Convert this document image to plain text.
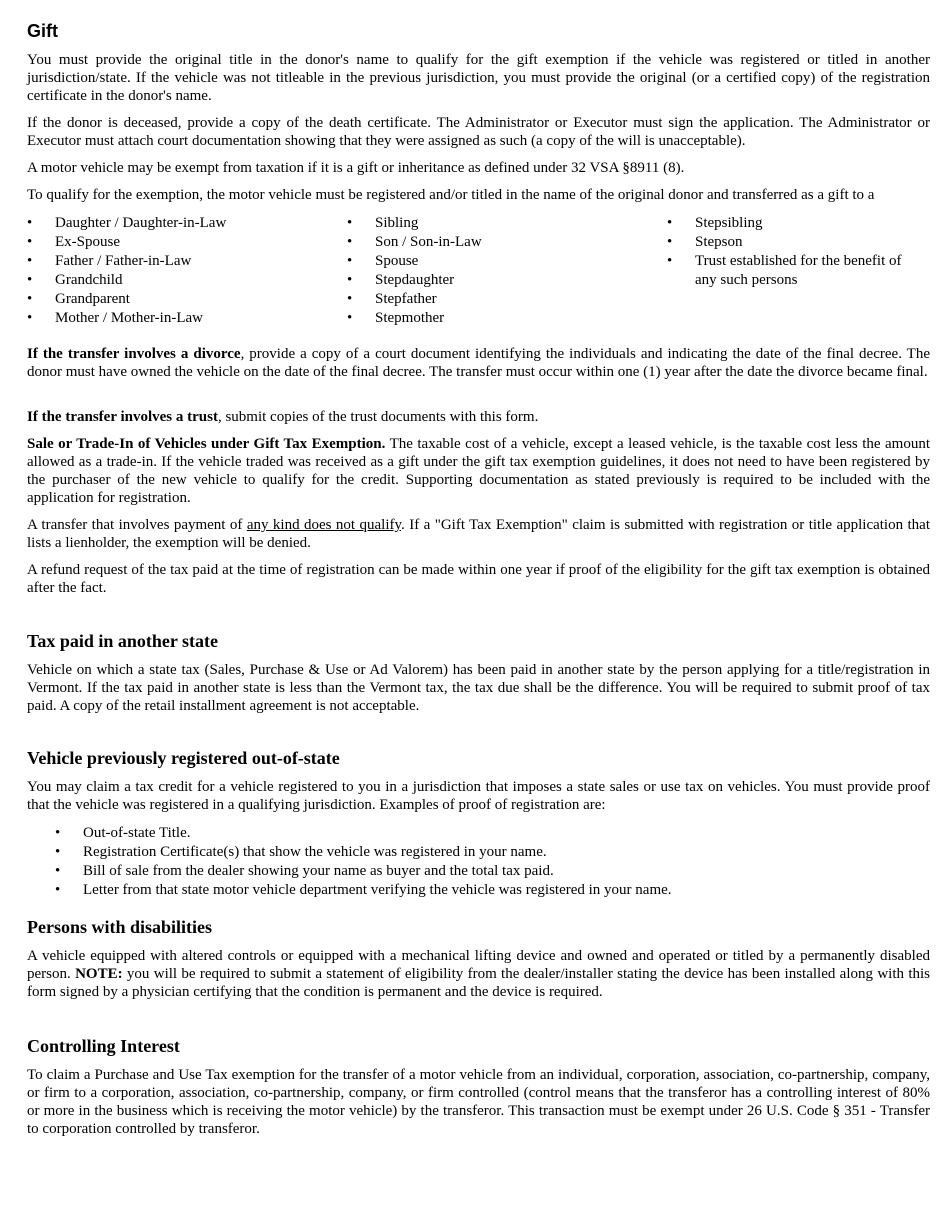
Gift

You must provide the original title in the donor's name to qualify for the gift exemption if the vehicle was registered or titled in another jurisdiction/state. If the vehicle was not titleable in the previous jurisdiction, you must provide the original (or a certified copy) of the registration certificate in the donor's name.

If the donor is deceased, provide a copy of the death certificate. The Administrator or Executor must sign the application. The Administrator or Executor must attach court documentation showing that they were assigned as such (a copy of the will is unacceptable).

A motor vehicle may be exempt from taxation if it is a gift or inheritance as defined under 32 VSA §8911 (8).

To qualify for the exemption, the motor vehicle must be registered and/or titled in the name of the original donor and transferred as a gift to a

• Daughter / Daughter-in-Law
• Ex-Spouse
• Father / Father-in-Law
• Grandchild
• Grandparent
• Mother / Mother-in-Law
• Sibling
• Son / Son-in-Law
• Spouse
• Stepdaughter
• Stepfather
• Stepmother
• Stepsibling
• Stepson
• Trust established for the benefit of any such persons

If the transfer involves a divorce, provide a copy of a court document identifying the individuals and indicating the date of the final decree. The donor must have owned the vehicle on the date of the final decree. The transfer must occur within one (1) year after the date the divorce became final.

If the transfer involves a trust, submit copies of the trust documents with this form.

Sale or Trade-In of Vehicles under Gift Tax Exemption. The taxable cost of a vehicle, except a leased vehicle, is the taxable cost less the amount allowed as a trade-in. If the vehicle traded was received as a gift under the gift tax exemption guidelines, it does not need to have been registered by the purchaser of the new vehicle to qualify for the credit. Supporting documentation as stated previously is required to be included with the application for registration.

A transfer that involves payment of any kind does not qualify. If a "Gift Tax Exemption" claim is submitted with registration or title application that lists a lienholder, the exemption will be denied.

A refund request of the tax paid at the time of registration can be made within one year if proof of the eligibility for the gift tax exemption is obtained after the fact.

Tax paid in another state

Vehicle on which a state tax (Sales, Purchase & Use or Ad Valorem) has been paid in another state by the person applying for a title/registration in Vermont. If the tax paid in another state is less than the Vermont tax, the tax due shall be the difference. You will be required to submit proof of tax paid. A copy of the retail installment agreement is not acceptable.

Vehicle previously registered out-of-state

You may claim a tax credit for a vehicle registered to you in a jurisdiction that imposes a state sales or use tax on vehicles. You must provide proof that the vehicle was registered in a qualifying jurisdiction. Examples of proof of registration are:

• Out-of-state Title.
• Registration Certificate(s) that show the vehicle was registered in your name.
• Bill of sale from the dealer showing your name as buyer and the total tax paid.
• Letter from that state motor vehicle department verifying the vehicle was registered in your name.
Persons with disabilities

A vehicle equipped with altered controls or equipped with a mechanical lifting device and owned and operated or titled by a permanently disabled person. NOTE: you will be required to submit a statement of eligibility from the dealer/installer stating the device has been installed along with this form signed by a physician certifying that the condition is permanent and the device is required.

Controlling Interest

To claim a Purchase and Use Tax exemption for the transfer of a motor vehicle from an individual, corporation, association, co-partnership, company, or firm to a corporation, association, co-partnership, company, or firm controlled (control means that the transferor has a controlling interest of 80% or more in the business which is receiving the motor vehicle) by the transferor. This transaction must be exempt under 26 U.S. Code § 351 - Transfer to corporation controlled by transferor.
